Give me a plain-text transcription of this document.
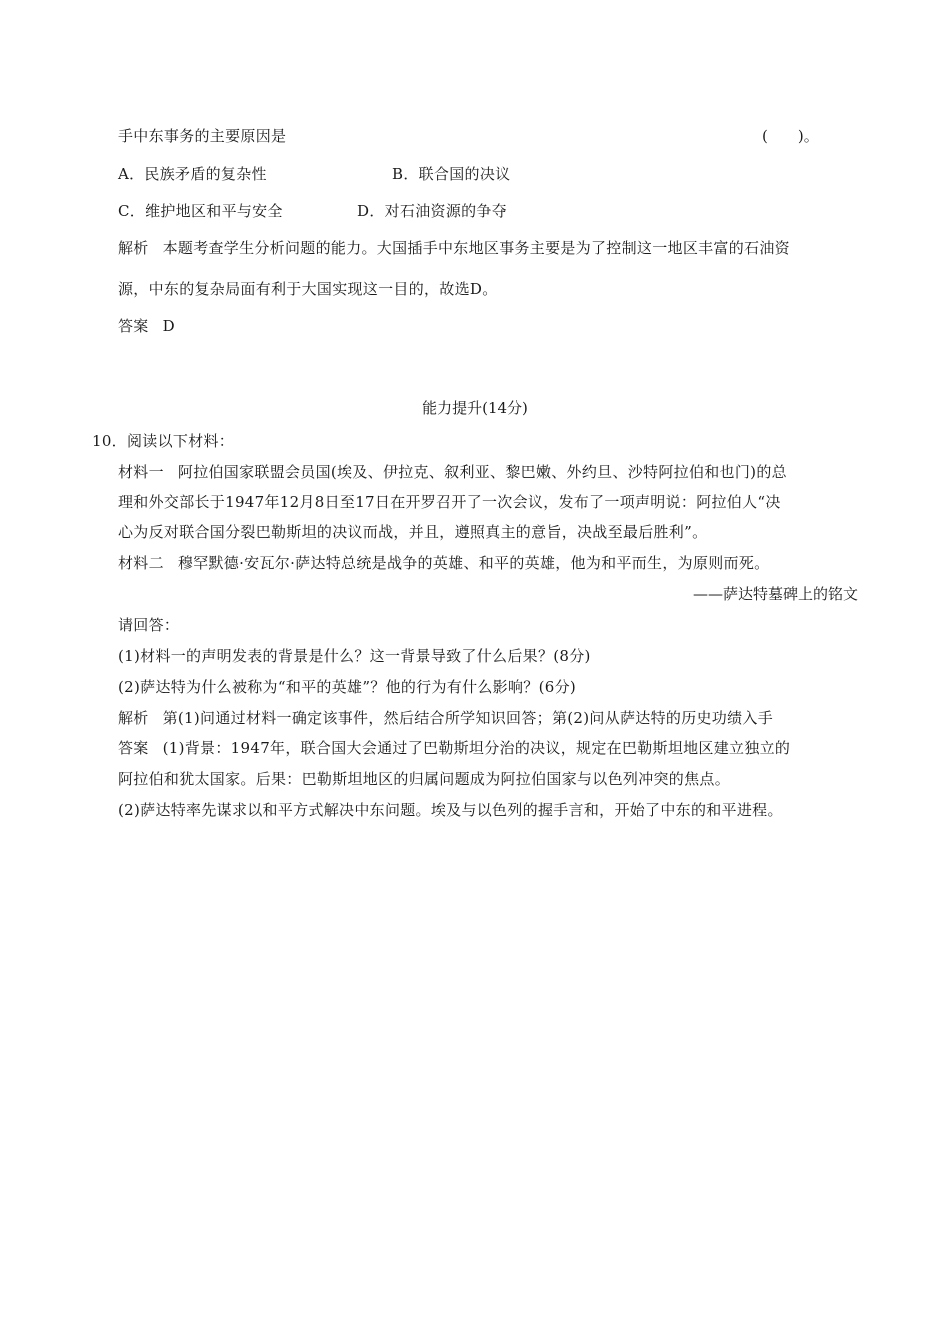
手中东事务的主要原因是	(　　)。
A．民族矛盾的复杂性	B．联合国的决议
C．维护地区和平与安全	D．对石油资源的争夺
解析 本题考查学生分析问题的能力。大国插手中东地区事务主要是为了控制这一地区丰富的石油资
源，中东的复杂局面有利于大国实现这一目的，故选D。
答案 D
能力提升(14分)
10．阅读以下材料：
材料一 阿拉伯国家联盟会员国(埃及、伊拉克、叙利亚、黎巴嫩、外约旦、沙特阿拉伯和也门)的总
理和外交部长于1947年12月8日至17日在开罗召开了一次会议，发布了一项声明说：阿拉伯人“决
心为反对联合国分裂巴勒斯坦的决议而战，并且，遵照真主的意旨，决战至最后胜利”。
材料二 穆罕默德·安瓦尔·萨达特总统是战争的英雄、和平的英雄，他为和平而生，为原则而死。
——萨达特墓碑上的铭文
请回答：
(1)材料一的声明发表的背景是什么？这一背景导致了什么后果？(8分)
(2)萨达特为什么被称为“和平的英雄”？他的行为有什么影响？(6分)
解析 第(1)问通过材料一确定该事件，然后结合所学知识回答；第(2)问从萨达特的历史功绩入手
答案 (1)背景：1947年，联合国大会通过了巴勒斯坦分治的决议，规定在巴勒斯坦地区建立独立的
阿拉伯和犹太国家。后果：巴勒斯坦地区的归属问题成为阿拉伯国家与以色列冲突的焦点。
(2)萨达特率先谋求以和平方式解决中东问题。埃及与以色列的握手言和，开始了中东的和平进程。
